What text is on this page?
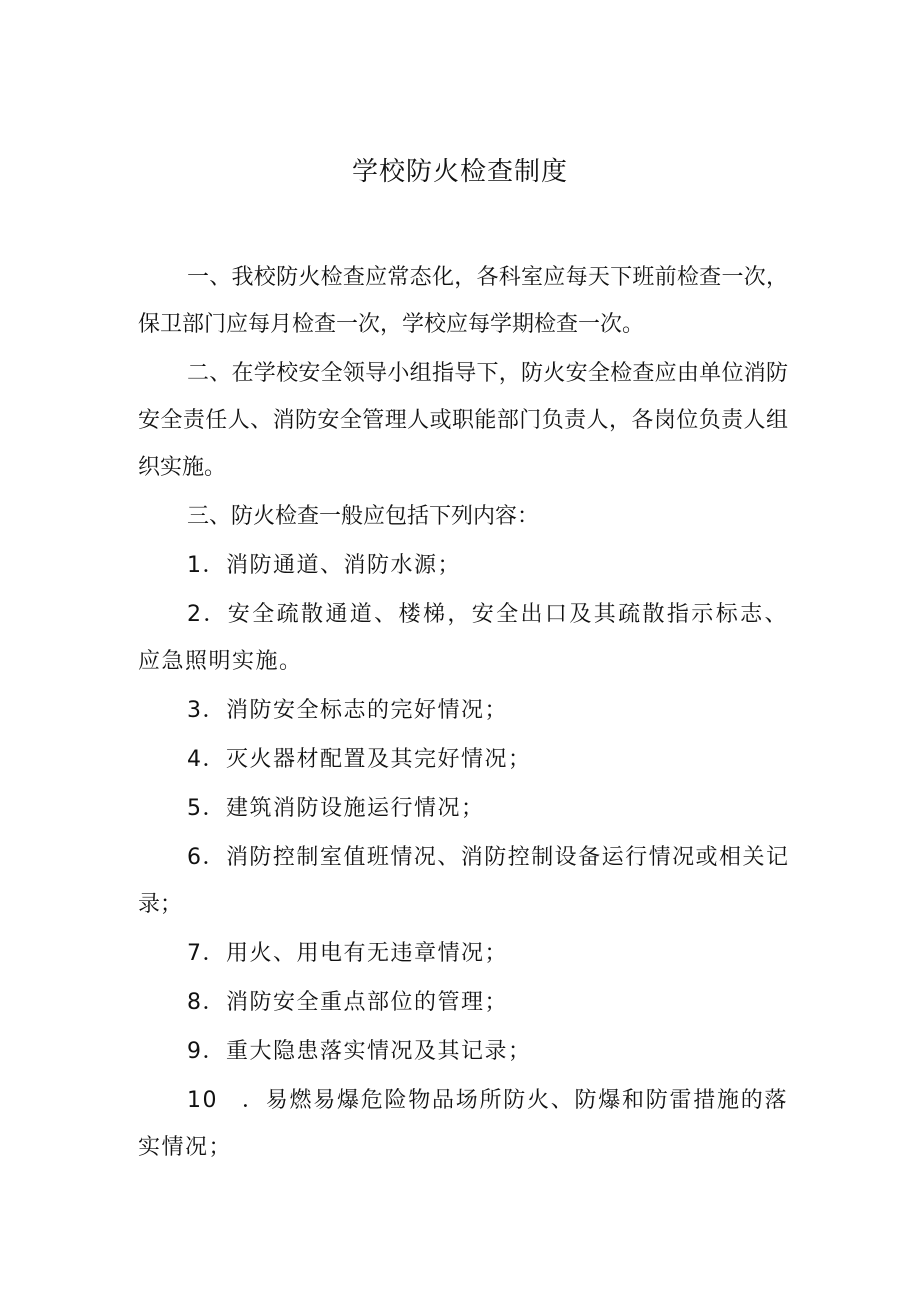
学校防火检查制度

一、我校防火检查应常态化，各科室应每天下班前检查一次，保卫部门应每月检查一次，学校应每学期检查一次。

二、在学校安全领导小组指导下，防火安全检查应由单位消防安全责任人、消防安全管理人或职能部门负责人，各岗位负责人组织实施。

三、防火检查一般应包括下列内容：

1．消防通道、消防水源；

2．安全疏散通道、楼梯，安全出口及其疏散指示标志、应急照明实施。

3．消防安全标志的完好情况；

4．灭火器材配置及其完好情况；

5．建筑消防设施运行情况；

6．消防控制室值班情况、消防控制设备运行情况或相关记录；

7．用火、用电有无违章情况；

8．消防安全重点部位的管理；

9．重大隐患落实情况及其记录；

10　．易燃易爆危险物品场所防火、防爆和防雷措施的落实情况；
